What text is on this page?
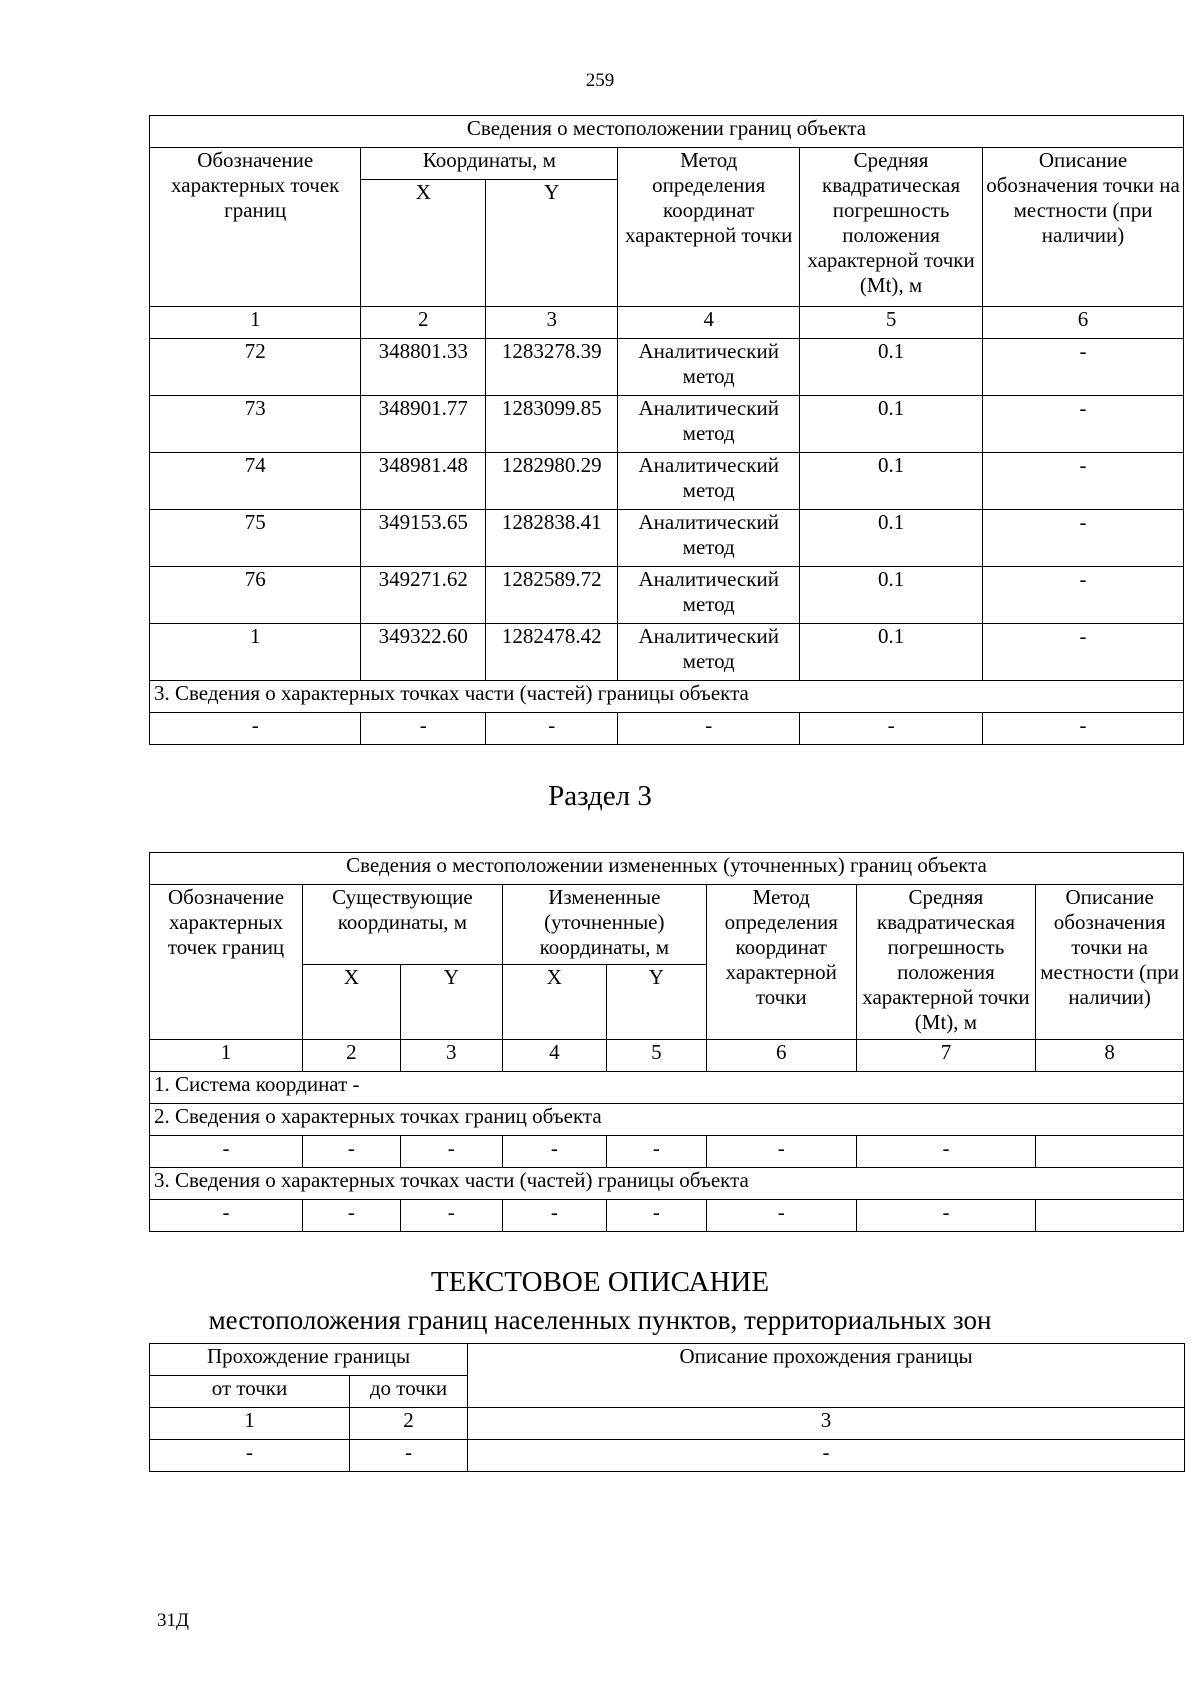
259
Сведения о местоположении границ объекта					
Обозначение характерных точек границ	Координаты, м		Метод определения координат характерной точки	Средняя квадратическая погрешность положения характерной точки (Mt), м	Описание обозначения точки на местности (при наличии)
	X	Y			
1	2	3	4	5	6
72	348801.33	1283278.39	Аналитический метод	0.1	-
73	348901.77	1283099.85	Аналитический метод	0.1	-
74	348981.48	1282980.29	Аналитический метод	0.1	-
75	349153.65	1282838.41	Аналитический метод	0.1	-
76	349271.62	1282589.72	Аналитический метод	0.1	-
1	349322.60	1282478.42	Аналитический метод	0.1	-
3. Сведения о характерных точках части (частей) границы объекта					
-	-	-	-	-	-
Раздел 3
Сведения о местоположении измененных (уточненных) границ объекта							
Обозначение характерных точек границ	Существующие координаты, м		Измененные (уточненные) координаты, м		Метод определения координат характерной точки	Средняя квадратическая погрешность положения характерной точки (Mt), м	Описание обозначения точки на местности (при наличии)
	X	Y	X	Y			
1	2	3	4	5	6	7	8
1. Система координат -							
2. Сведения о характерных точках границ объекта							
-	-	-	-	-	-	-	
3. Сведения о характерных точках части (частей) границы объекта							
-	-	-	-	-	-	-	
ТЕКСТОВОЕ ОПИСАНИЕ
местоположения границ населенных пунктов, территориальных зон
Прохождение границы		Описание прохождения границы
от точки	до точки	
1	2	3
-	-	-
31Д
